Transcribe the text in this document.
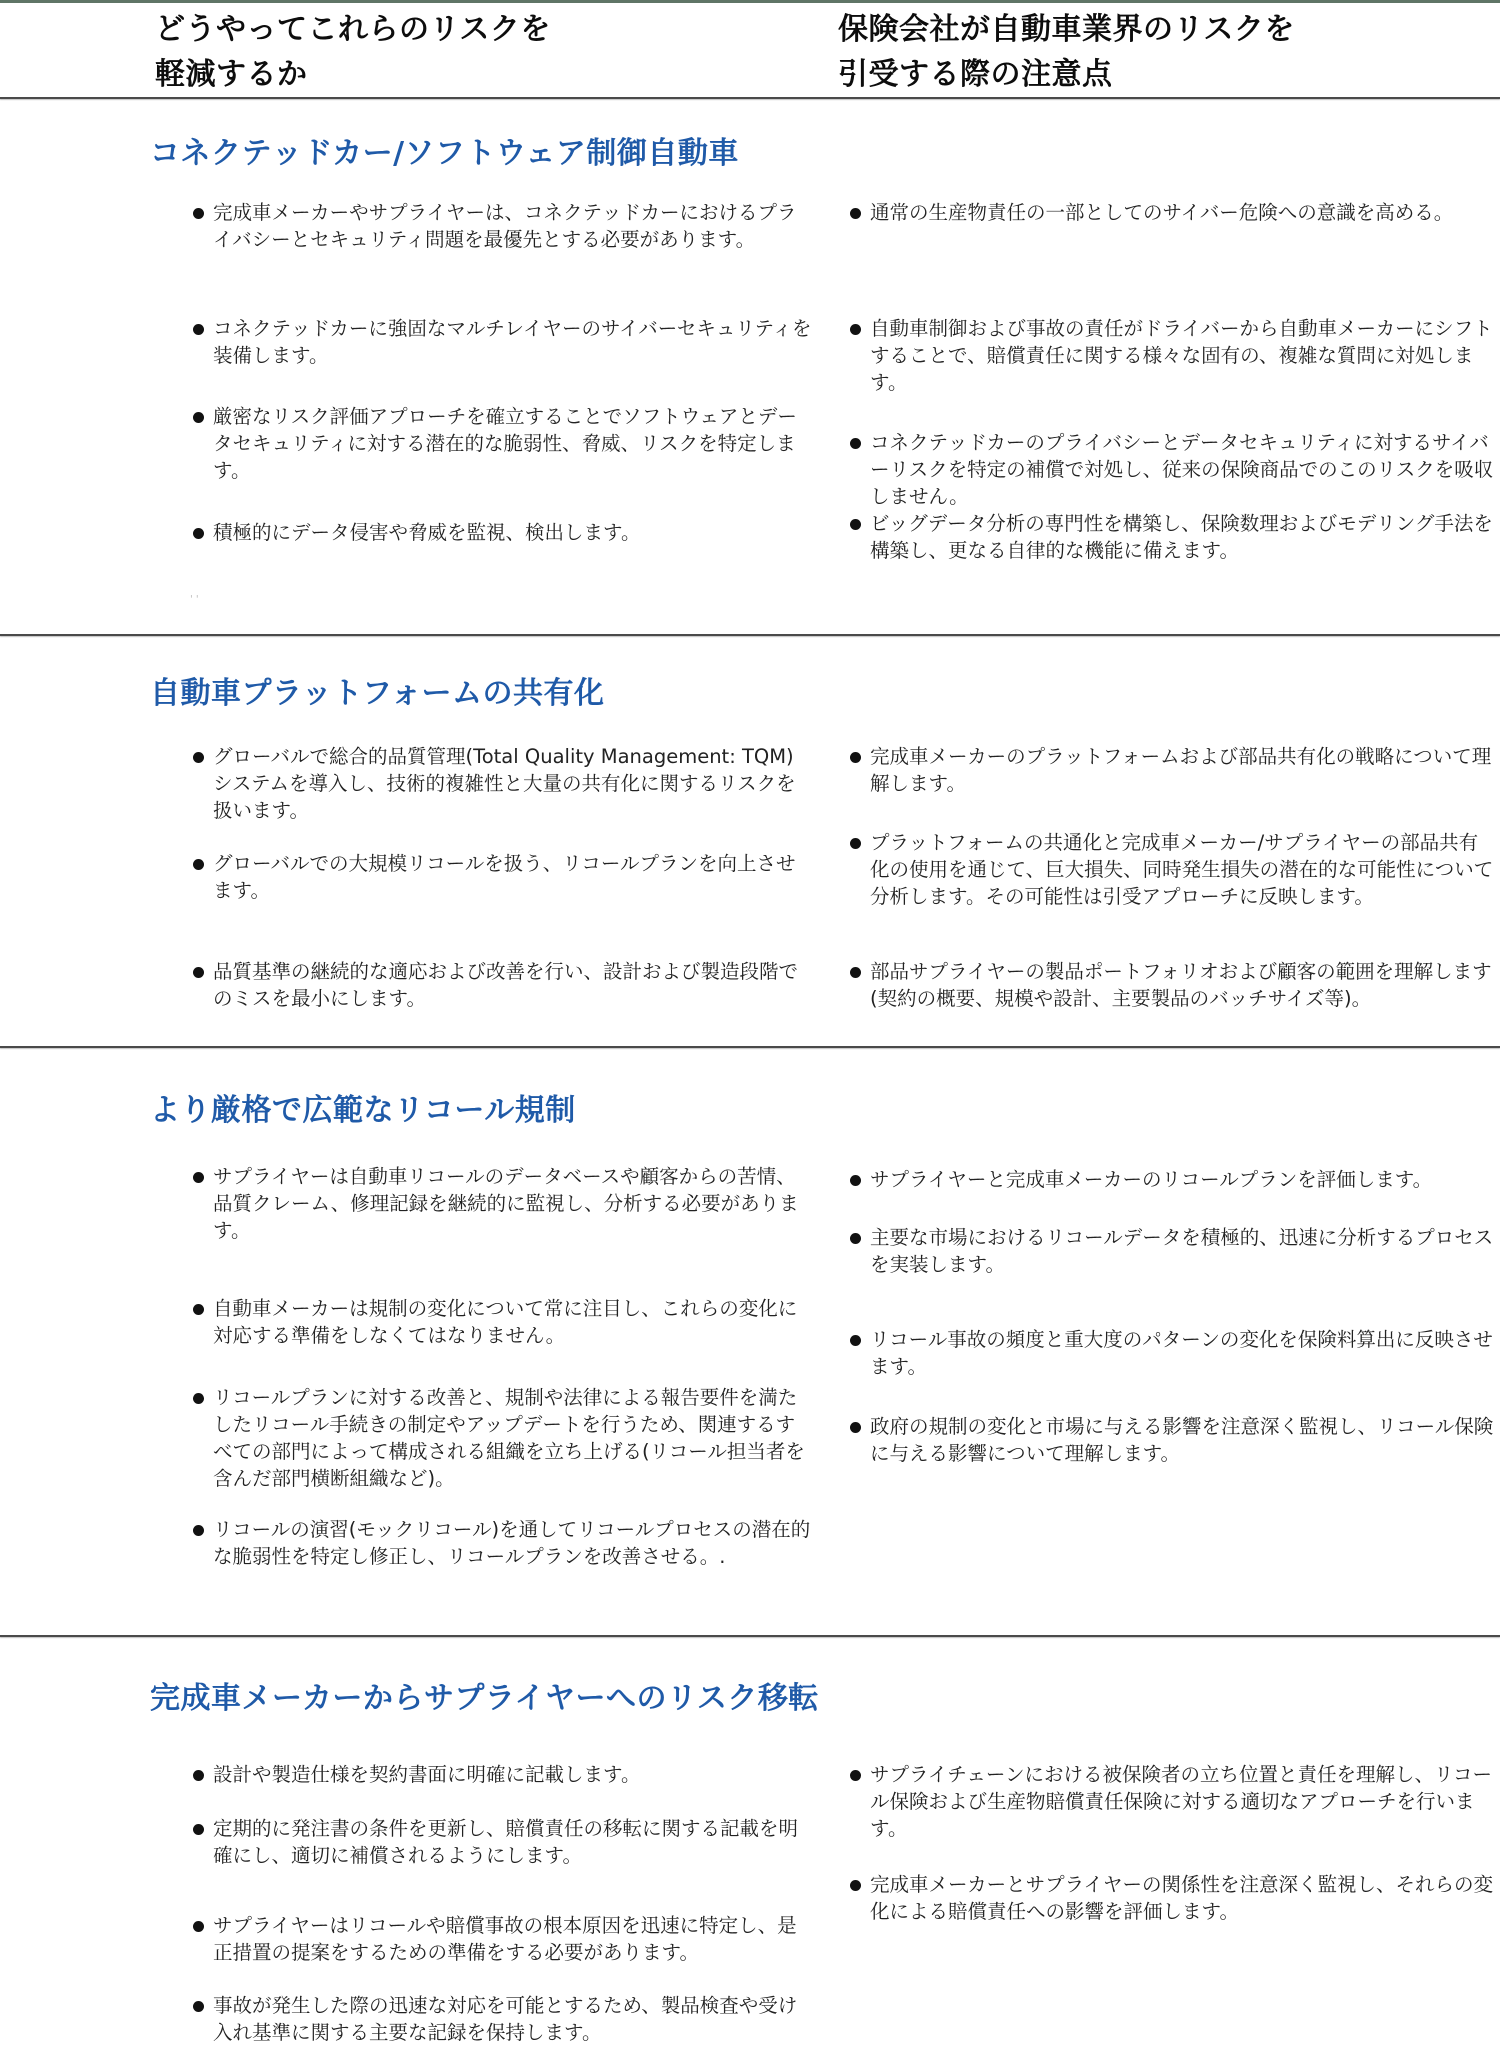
どうやってこれらのリスクを
軽減するか
保険会社が自動車業界のリスクを
引受する際の注意点
コネクテッドカー/ソフトウェア制御自動車
完成車メーカーやサプライヤーは、コネクテッドカーにおけるプライバシーとセキュリティ問題を最優先とする必要があります。
コネクテッドカーに強固なマルチレイヤーのサイバーセキュリティを装備します。
厳密なリスク評価アプローチを確立することでソフトウェアとデータセキュリティに対する潜在的な脆弱性、脅威、リスクを特定します。
積極的にデータ侵害や脅威を監視、検出します。
' '
通常の生産物責任の一部としてのサイバー危険への意識を高める。
自動車制御および事故の責任がドライバーから自動車メーカーにシフトすることで、賠償責任に関する様々な固有の、複雑な質問に対処します。
コネクテッドカーのプライバシーとデータセキュリティに対するサイバーリスクを特定の補償で対処し、従来の保険商品でのこのリスクを吸収しません。
ビッグデータ分析の専門性を構築し、保険数理およびモデリング手法を構築し、更なる自律的な機能に備えます。
自動車プラットフォームの共有化
グローバルで総合的品質管理(Total Quality Management: TQM)システムを導入し、技術的複雑性と大量の共有化に関するリスクを扱います。
グローバルでの大規模リコールを扱う、リコールプランを向上させます。
品質基準の継続的な適応および改善を行い、設計および製造段階でのミスを最小にします。
完成車メーカーのプラットフォームおよび部品共有化の戦略について理解します。
プラットフォームの共通化と完成車メーカー/サプライヤーの部品共有化の使用を通じて、巨大損失、同時発生損失の潜在的な可能性について分析します。その可能性は引受アプローチに反映します。
部品サプライヤーの製品ポートフォリオおよび顧客の範囲を理解します(契約の概要、規模や設計、主要製品のバッチサイズ等)。
より厳格で広範なリコール規制
サプライヤーは自動車リコールのデータベースや顧客からの苦情、品質クレーム、修理記録を継続的に監視し、分析する必要があります。
自動車メーカーは規制の変化について常に注目し、これらの変化に対応する準備をしなくてはなりません。
リコールプランに対する改善と、規制や法律による報告要件を満たしたリコール手続きの制定やアップデートを行うため、関連するすべての部門によって構成される組織を立ち上げる(リコール担当者を含んだ部門横断組織など)。
リコールの演習(モックリコール)を通してリコールプロセスの潜在的な脆弱性を特定し修正し、リコールプランを改善させる。.
サプライヤーと完成車メーカーのリコールプランを評価します。
主要な市場におけるリコールデータを積極的、迅速に分析するプロセスを実装します。
リコール事故の頻度と重大度のパターンの変化を保険料算出に反映させます。
政府の規制の変化と市場に与える影響を注意深く監視し、リコール保険に与える影響について理解します。
完成車メーカーからサプライヤーへのリスク移転
設計や製造仕様を契約書面に明確に記載します。
定期的に発注書の条件を更新し、賠償責任の移転に関する記載を明確にし、適切に補償されるようにします。
サプライヤーはリコールや賠償事故の根本原因を迅速に特定し、是正措置の提案をするための準備をする必要があります。
事故が発生した際の迅速な対応を可能とするため、製品検査や受け入れ基準に関する主要な記録を保持します。
サプライチェーンにおける被保険者の立ち位置と責任を理解し、リコール保険および生産物賠償責任保険に対する適切なアプローチを行います。
完成車メーカーとサプライヤーの関係性を注意深く監視し、それらの変化による賠償責任への影響を評価します。
